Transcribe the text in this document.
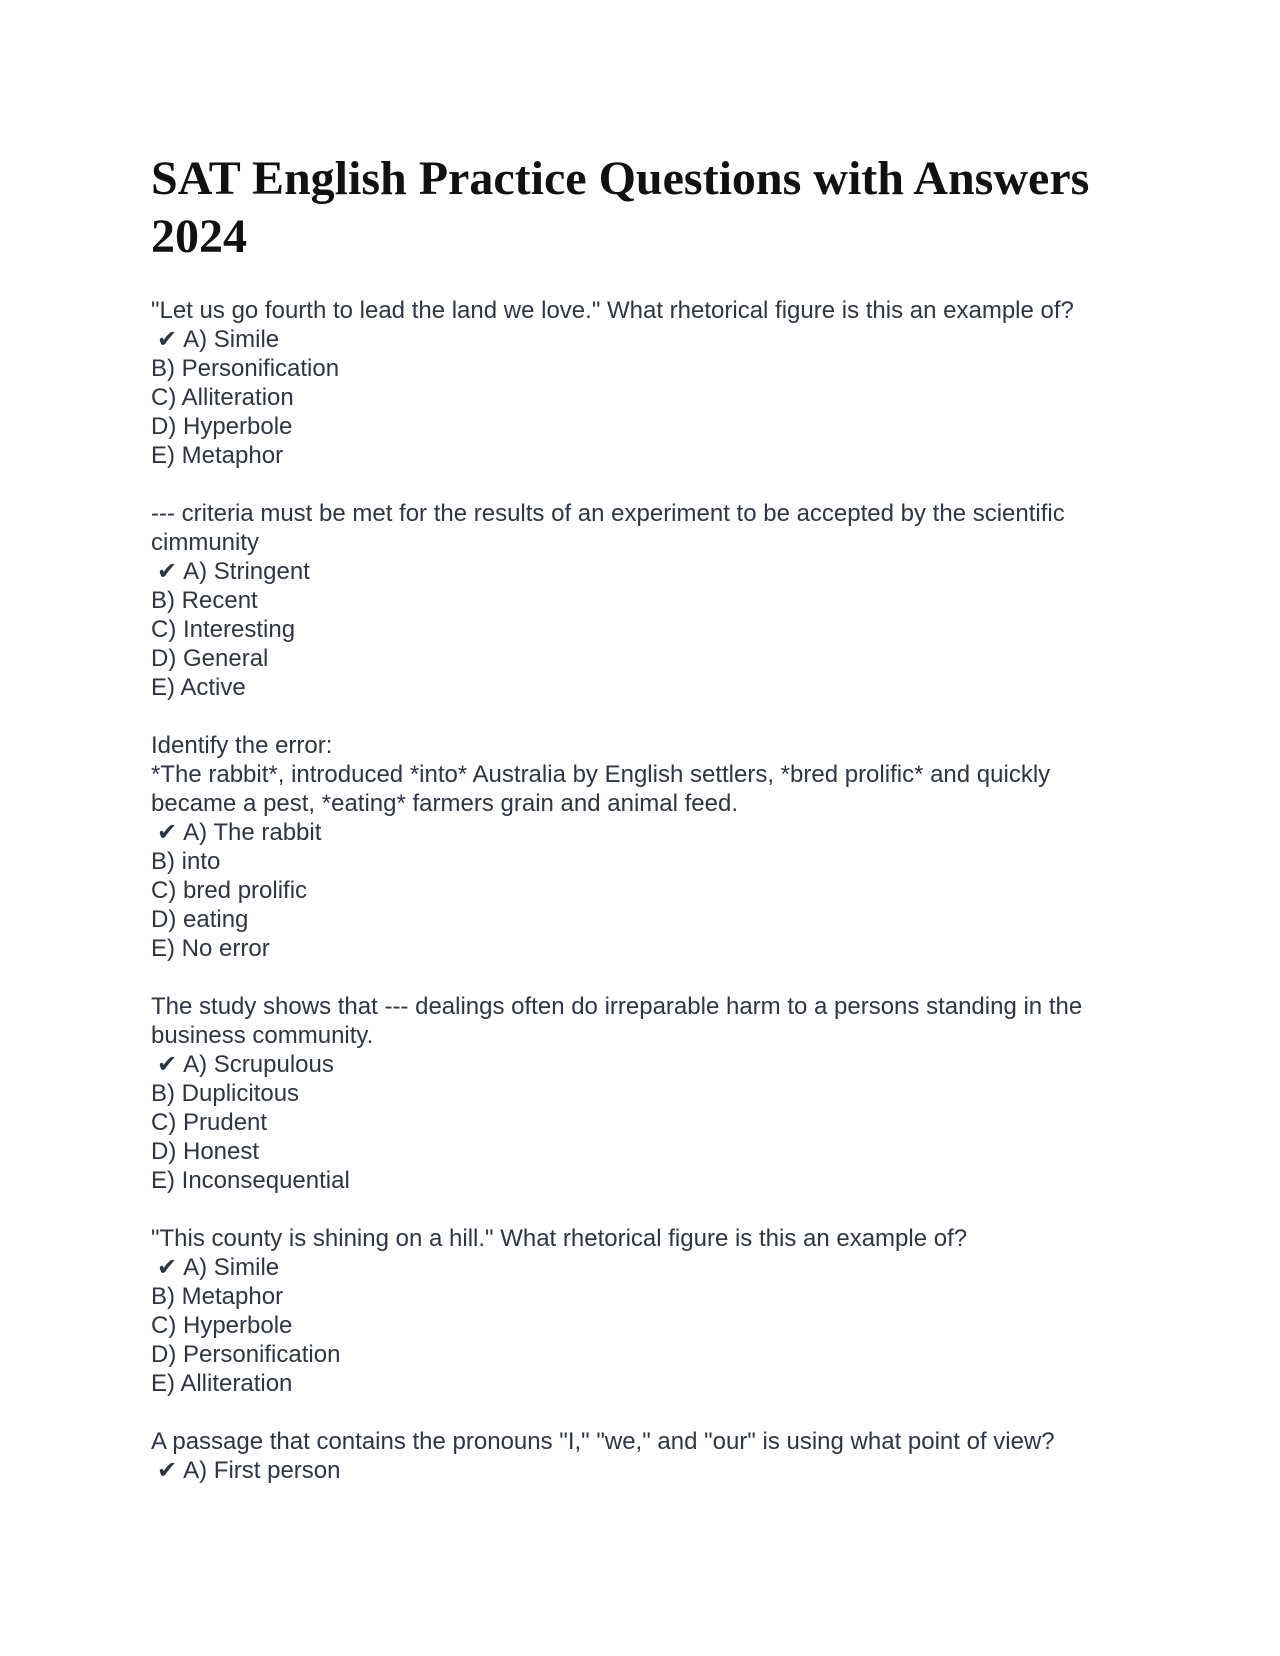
SAT English Practice Questions with Answers 2024
"Let us go fourth to lead the land we love." What rhetorical figure is this an example of?
✔ A) Simile
B) Personification
C) Alliteration
D) Hyperbole
E) Metaphor
--- criteria must be met for the results of an experiment to be accepted by the scientific cimmunity
✔ A) Stringent
B) Recent
C) Interesting
D) General
E) Active
Identify the error:
*The rabbit*, introduced *into* Australia by English settlers, *bred prolific* and quickly became a pest, *eating* farmers grain and animal feed.
✔ A) The rabbit
B) into
C) bred prolific
D) eating
E) No error
The study shows that --- dealings often do irreparable harm to a persons standing in the business community.
✔ A) Scrupulous
B) Duplicitous
C) Prudent
D) Honest
E) Inconsequential
"This county is shining on a hill." What rhetorical figure is this an example of?
✔ A) Simile
B) Metaphor
C) Hyperbole
D) Personification
E) Alliteration
A passage that contains the pronouns "I," "we," and "our" is using what point of view?
✔ A) First person
